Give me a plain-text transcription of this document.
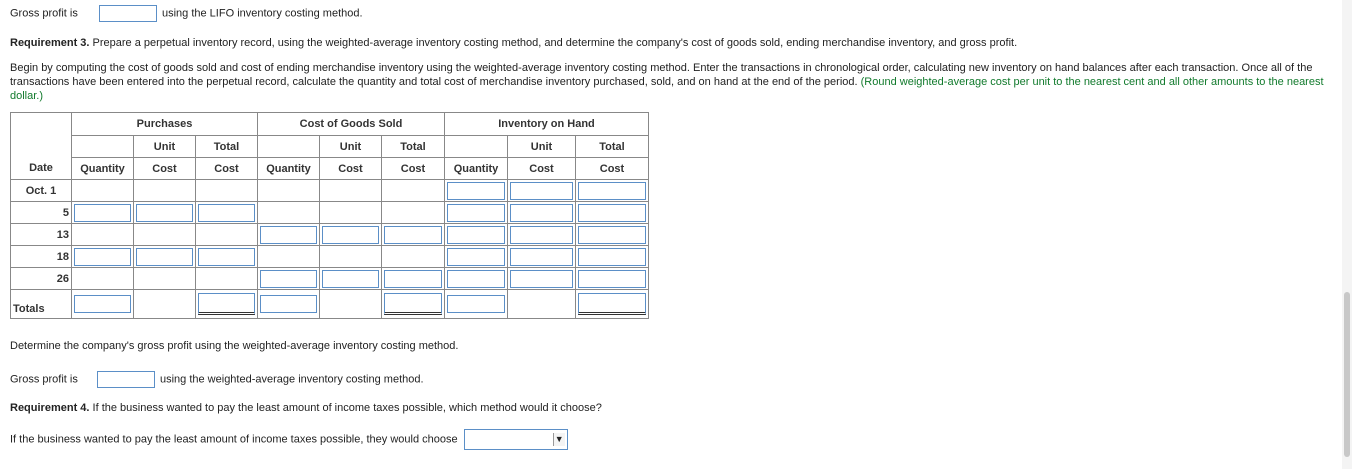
Gross profit is	using the LIFO inventory costing method.
Requirement 3. Prepare a perpetual inventory record, using the weighted-average inventory costing method, and determine the company's cost of goods sold, ending merchandise inventory, and gross profit.
Begin by computing the cost of goods sold and cost of ending merchandise inventory using the weighted-average inventory costing method. Enter the transactions in chronological order, calculating new inventory on hand balances after each transaction. Once all of the transactions have been entered into the perpetual record, calculate the quantity and total cost of merchandise inventory purchased, sold, and on hand at the end of the period. (Round weighted-average cost per unit to the nearest cent and all other amounts to the nearest dollar.)
	Purchases			Cost of Goods Sold			Inventory on Hand		
		Unit	Total		Unit	Total		Unit	Total
Date	Quantity	Cost	Cost	Quantity	Cost	Cost	Quantity	Cost	Cost
Oct. 1							

5	

13				

18	

26				

Totals	

Determine the company's gross profit using the weighted-average inventory costing method.
Gross profit is	using the weighted-average inventory costing method.
Requirement 4. If the business wanted to pay the least amount of income taxes possible, which method would it choose?
If the business wanted to pay the least amount of income taxes possible, they would choose	▼
